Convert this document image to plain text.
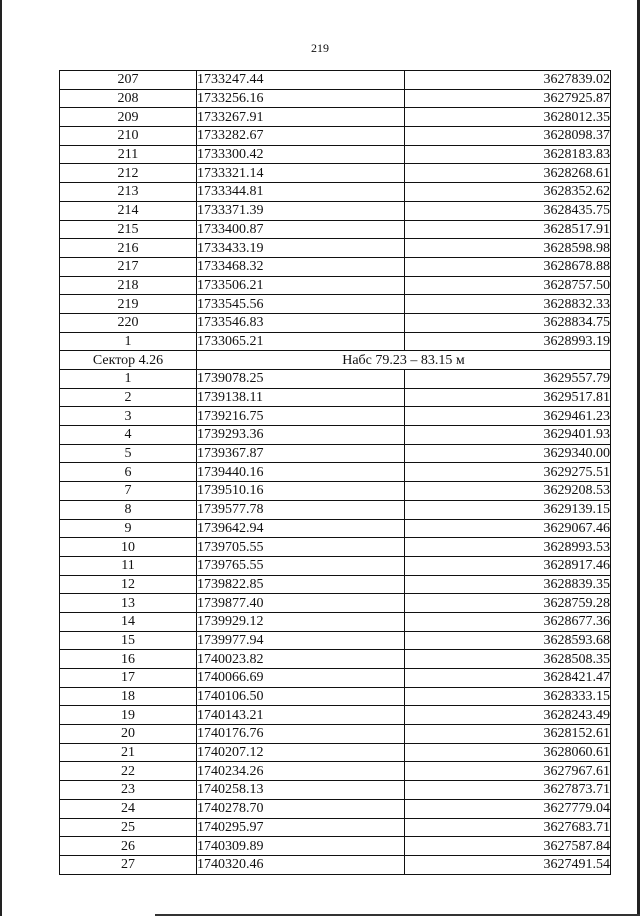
219
207	1733247.44	3627839.02
208	1733256.16	3627925.87
209	1733267.91	3628012.35
210	1733282.67	3628098.37
211	1733300.42	3628183.83
212	1733321.14	3628268.61
213	1733344.81	3628352.62
214	1733371.39	3628435.75
215	1733400.87	3628517.91
216	1733433.19	3628598.98
217	1733468.32	3628678.88
218	1733506.21	3628757.50
219	1733545.56	3628832.33
220	1733546.83	3628834.75
1	1733065.21	3628993.19
Сектор 4.26	Набс 79.23 – 83.15 м	
1	1739078.25	3629557.79
2	1739138.11	3629517.81
3	1739216.75	3629461.23
4	1739293.36	3629401.93
5	1739367.87	3629340.00
6	1739440.16	3629275.51
7	1739510.16	3629208.53
8	1739577.78	3629139.15
9	1739642.94	3629067.46
10	1739705.55	3628993.53
11	1739765.55	3628917.46
12	1739822.85	3628839.35
13	1739877.40	3628759.28
14	1739929.12	3628677.36
15	1739977.94	3628593.68
16	1740023.82	3628508.35
17	1740066.69	3628421.47
18	1740106.50	3628333.15
19	1740143.21	3628243.49
20	1740176.76	3628152.61
21	1740207.12	3628060.61
22	1740234.26	3627967.61
23	1740258.13	3627873.71
24	1740278.70	3627779.04
25	1740295.97	3627683.71
26	1740309.89	3627587.84
27	1740320.46	3627491.54
